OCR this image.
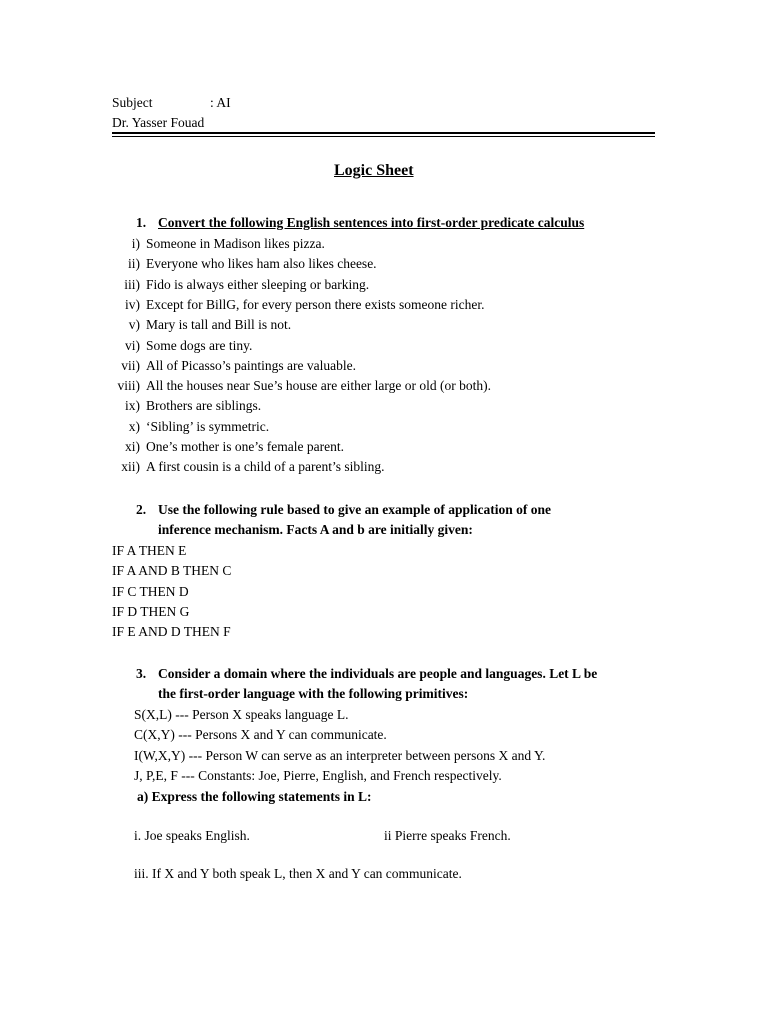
Subject	: AI
Dr. Yasser Fouad
Logic Sheet
1. Convert the following English sentences into first-order predicate calculus
i) Someone in Madison likes pizza.
ii) Everyone who likes ham also likes cheese.
iii) Fido is always either sleeping or barking.
iv) Except for BillG, for every person there exists someone richer.
v) Mary is tall and Bill is not.
vi) Some dogs are tiny.
vii) All of Picasso’s paintings are valuable.
viii) All the houses near Sue’s house are either large or old (or both).
ix) Brothers are siblings.
x) ‘Sibling’ is symmetric.
xi) One’s mother is one’s female parent.
xii) A first cousin is a child of a parent’s sibling.
2. Use the following rule based to give an example of application of one
inference mechanism. Facts A and b are initially given:
IF A THEN E
IF A AND B THEN C
IF C THEN D
IF D THEN G
IF E AND D THEN F
3. Consider a domain where the individuals are people and languages. Let L be
the first-order language with the following primitives:
S(X,L) --- Person X speaks language L.
C(X,Y) --- Persons X and Y can communicate.
I(W,X,Y) --- Person W can serve as an interpreter between persons X and Y.
J, P,E, F --- Constants: Joe, Pierre, English, and French respectively.
a) Express the following statements in L:
i. Joe speaks English.	ii Pierre speaks French.
iii. If X and Y both speak L, then X and Y can communicate.
